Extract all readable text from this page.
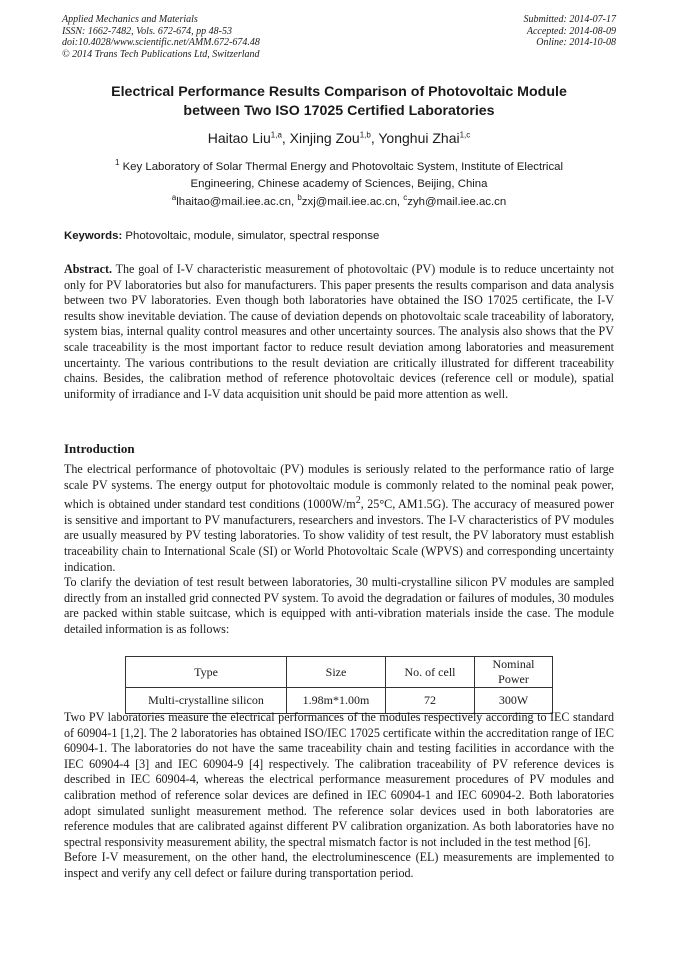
Applied Mechanics and Materials
ISSN: 1662-7482, Vols. 672-674, pp 48-53
doi:10.4028/www.scientific.net/AMM.672-674.48
© 2014 Trans Tech Publications Ltd, Switzerland
Submitted: 2014-07-17
Accepted: 2014-08-09
Online: 2014-10-08
Electrical Performance Results Comparison of Photovoltaic Module
between Two ISO 17025 Certified Laboratories
Haitao Liu$^{1,a}$, Xinjing Zou$^{1,b}$, Yonghui Zhai$^{1,c}$
$^1$ Key Laboratory of Solar Thermal Energy and Photovoltaic System, Institute of Electrical
Engineering, Chinese academy of Sciences, Beijing, China
$^a$lhaitao@mail.iee.ac.cn, $^b$zxj@mail.iee.ac.cn, $^c$zyh@mail.iee.ac.cn
Keywords: Photovoltaic, module, simulator, spectral response
Abstract. The goal of I-V characteristic measurement of photovoltaic (PV) module is to reduce uncertainty not only for PV laboratories but also for manufacturers. This paper presents the results comparison and data analysis between two PV laboratories. Even though both laboratories have obtained the ISO 17025 certificate, the I-V results show inevitable deviation. The cause of deviation depends on photovoltaic scale traceability of laboratory, system bias, internal quality control measures and other uncertainty sources. The analysis also shows that the PV scale traceability is the most important factor to reduce result deviation among laboratories and measurement uncertainty. The various contributions to the result deviation are critically illustrated for different traceability chains. Besides, the calibration method of reference photovoltaic devices (reference cell or module), spatial uniformity of irradiance and I-V data acquisition unit should be paid more attention as well.
Introduction

The electrical performance of photovoltaic (PV) modules is seriously related to the performance ratio of large scale PV systems. The energy output for photovoltaic module is commonly related to the nominal peak power, which is obtained under standard test conditions ($1000W/m^2$, 25°C, AM1.5G). The accuracy of measured power is sensitive and important to PV manufacturers, researchers and investors. The I-V characteristics of PV modules are usually measured by PV testing laboratories. To show validity of test result, the PV laboratory must establish traceability chain to International Scale (SI) or World Photovoltaic Scale (WPVS) and corresponding uncertainty indication.

To clarify the deviation of test result between laboratories, 30 multi-crystalline silicon PV modules are sampled directly from an installed grid connected PV system. To avoid the degradation or failures of modules, 30 modules are packed within stable suitcase, which is equipped with anti-vibration materials inside the case. The module detailed information is as follows:

Type	Size	No. of cell	Nominal Power
Multi-crystalline silicon	1.98m*1.00m	72	300W

Two PV laboratories measure the electrical performances of the modules respectively according to IEC standard of 60904-1 [1,2]. The 2 laboratories has obtained ISO/IEC 17025 certificate within the accreditation range of IEC 60904-1. The laboratories do not have the same traceability chain and testing facilities in accordance with the IEC 60904-4 [3] and IEC 60904-9 [4] respectively. The calibration traceability of PV reference devices is described in IEC 60904-4, whereas the electrical performance measurement procedures of PV modules and calibration method of reference solar devices are defined in IEC 60904-1 and IEC 60904-2. Both laboratories adopt simulated sunlight measurement method. The reference solar devices used in both laboratories are reference modules that are calibrated against different PV calibration organization. As both laboratories have no spectral responsivity measurement ability, the spectral mismatch factor is not included in the test method [6].

Before I-V measurement, on the other hand, the electroluminescence (EL) measurements are implemented to inspect and verify any cell defect or failure during transportation period.
